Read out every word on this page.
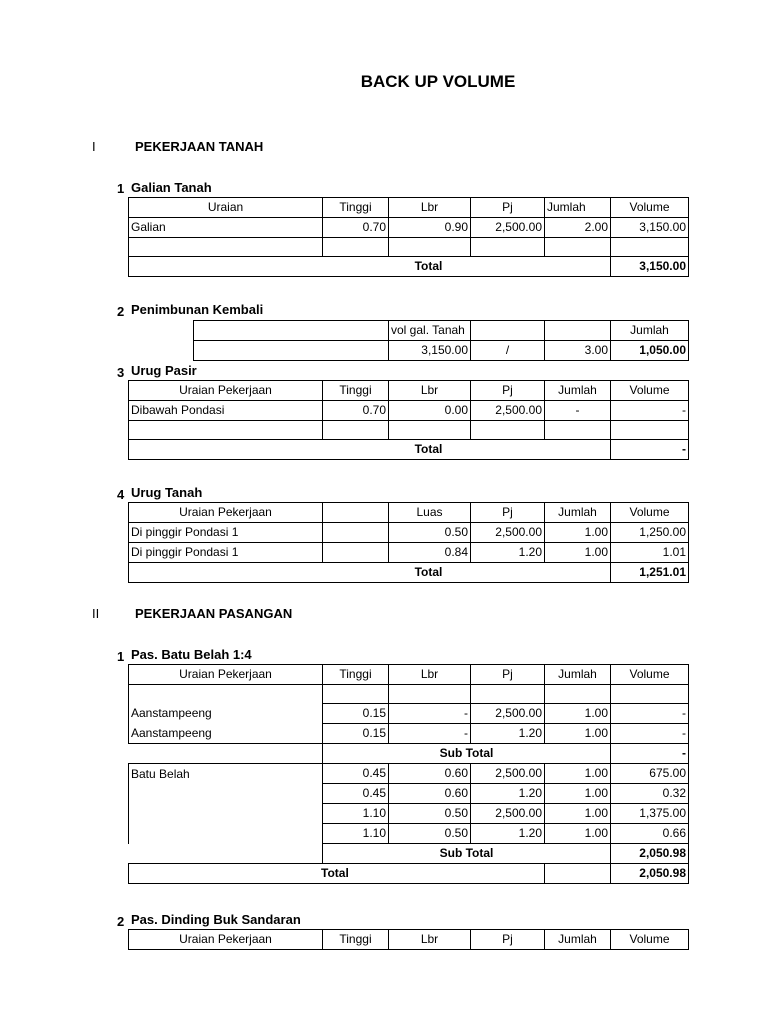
BACK UP VOLUME
I	PEKERJAAN TANAH
1 Galian Tanah
Uraian	Tinggi	Lbr	Pj	Jumlah	Volume
Galian	0.70	0.90	2,500.00	2.00	3,150.00

Total					3,150.00
2 Penimbunan Kembali
	vol gal. Tanah			Jumlah
	3,150.00	/	3.00	1,050.00
3 Urug Pasir
Uraian Pekerjaan	Tinggi	Lbr	Pj	Jumlah	Volume
Dibawah Pondasi	0.70	0.00	2,500.00	-	-

Total					-
4 Urug Tanah
Uraian Pekerjaan		Luas	Pj	Jumlah	Volume
Di pinggir Pondasi 1		0.50	2,500.00	1.00	1,250.00
Di pinggir Pondasi 1		0.84	1.20	1.00	1.01
Total					1,251.01
II	PEKERJAAN PASANGAN
1 Pas. Batu Belah 1:4
Uraian Pekerjaan	Tinggi	Lbr	Pj	Jumlah	Volume

Aanstampeeng	0.15	-	2,500.00	1.00	-
Aanstampeeng	0.15	-	1.20	1.00	-
	Sub Total				-
Batu Belah	0.45	0.60	2,500.00	1.00	675.00
	0.45	0.60	1.20	1.00	0.32
	1.10	0.50	2,500.00	1.00	1,375.00
	1.10	0.50	1.20	1.00	0.66
	Sub Total				2,050.98
Total					2,050.98
2 Pas. Dinding Buk Sandaran
Uraian Pekerjaan	Tinggi	Lbr	Pj	Jumlah	Volume
